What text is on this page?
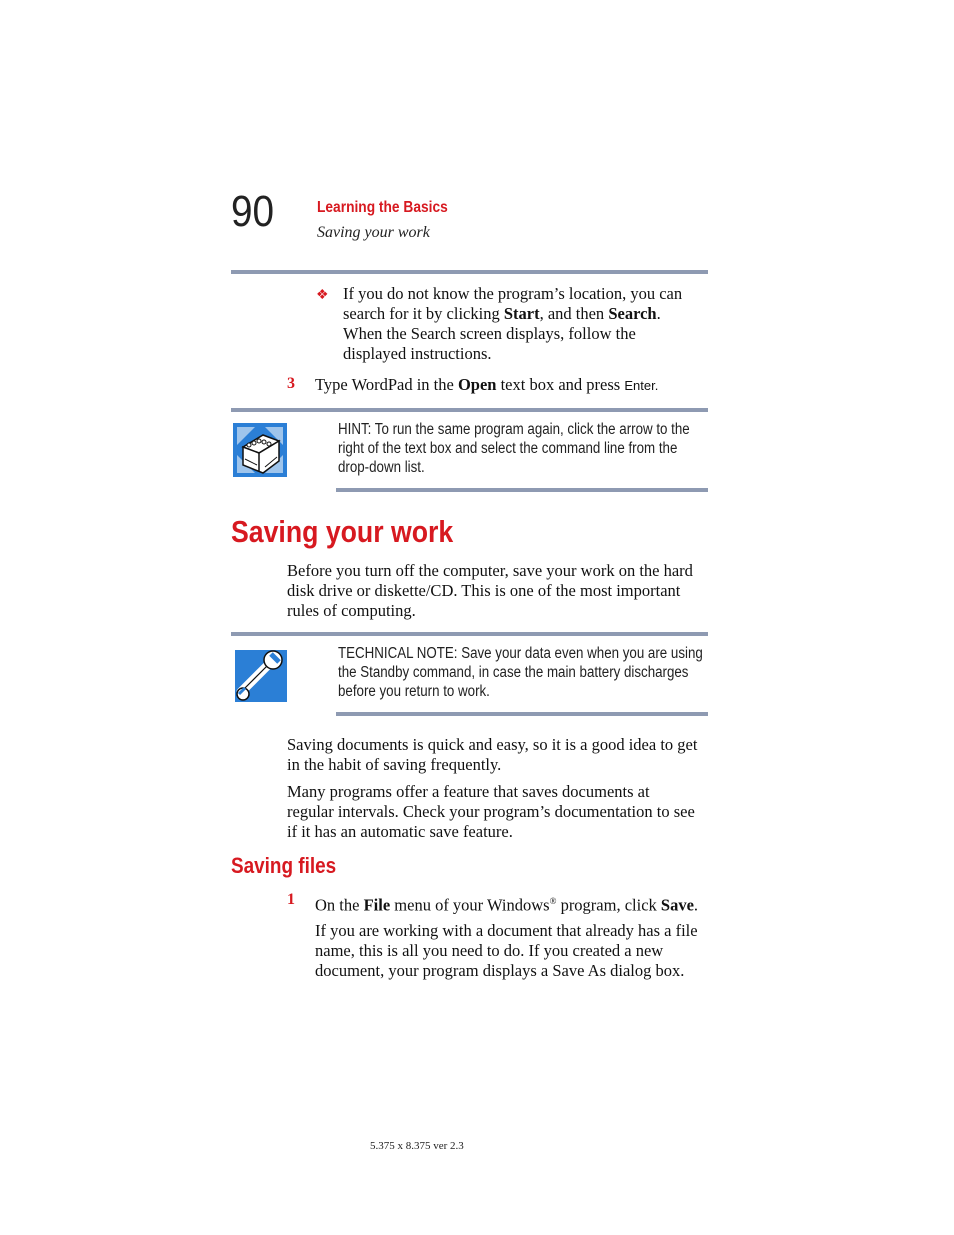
90	Learning the Basics
Saving your work
❖ If you do not know the program’s location, you can
search for it by clicking Start, and then Search.
When the Search screen displays, follow the
displayed instructions.
3 Type WordPad in the Open text box and press Enter.
HINT: To run the same program again, click the arrow to the
right of the text box and select the command line from the
drop-down list.
Saving your work
Before you turn off the computer, save your work on the hard
disk drive or diskette/CD. This is one of the most important
rules of computing.
TECHNICAL NOTE: Save your data even when you are using
the Standby command, in case the main battery discharges
before you return to work.
Saving documents is quick and easy, so it is a good idea to get
in the habit of saving frequently.
Many programs offer a feature that saves documents at
regular intervals. Check your program’s documentation to see
if it has an automatic save feature.
Saving files
1 On the File menu of your Windows® program, click Save.
If you are working with a document that already has a file
name, this is all you need to do. If you created a new
document, your program displays a Save As dialog box.
5.375 x 8.375 ver 2.3
